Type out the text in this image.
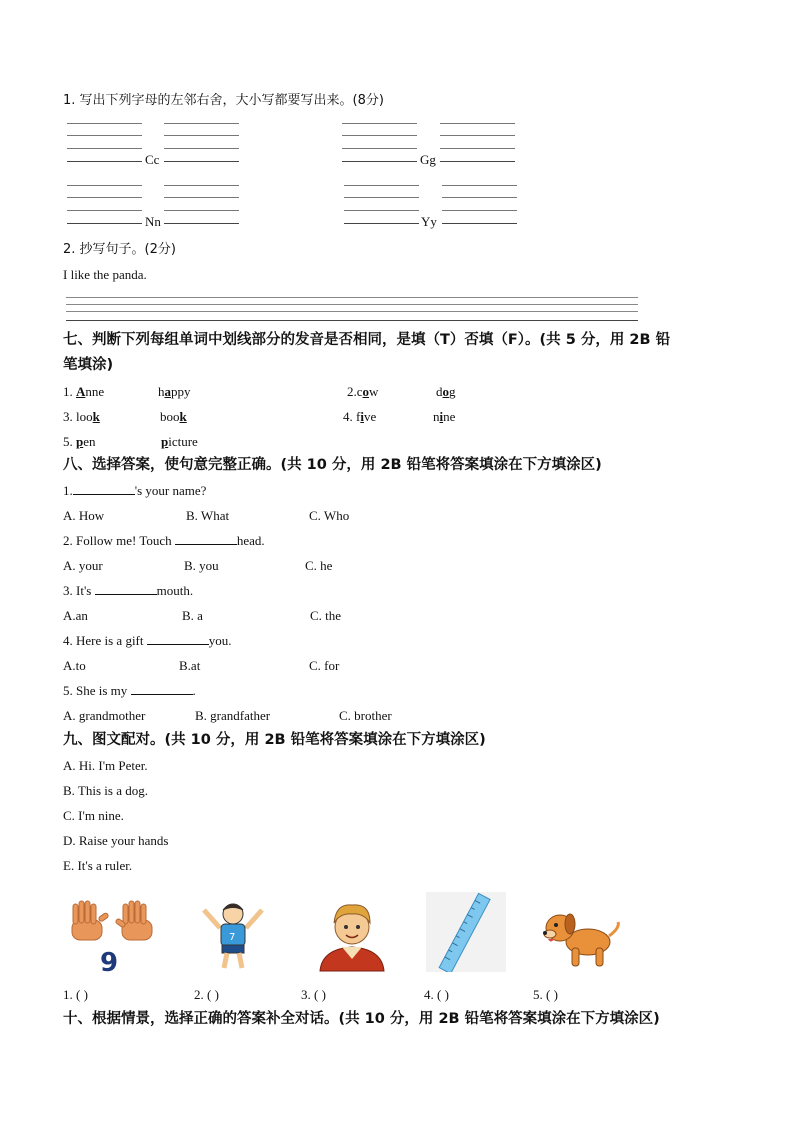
1. 写出下列字母的左邻右舍，大小写都要写出来。(8分)
Cc	Gg
Nn	Yy
2. 抄写句子。(2分)
I like the panda.
七、判断下列每组单词中划线部分的发音是否相同，是填（T）否填（F）。(共 5 分，用 2B 铅
笔填涂)
1. Anne	happy	2.cow	dog
3. look	book	4. five	nine
5. pen	picture
八、选择答案，使句意完整正确。(共 10 分，用 2B 铅笔将答案填涂在下方填涂区)
1.	's your name?
A. How	B. What	C. Who
2. Follow me! Touch	head.
A. your	B. you	C. he
3. It's	mouth.
A.an	B. a	C. the
4. Here is a gift	you.
A.to	B.at	C. for
5. She is my	.
A. grandmother	B. grandfather	C. brother
九、图文配对。(共 10 分，用 2B 铅笔将答案填涂在下方填涂区)
A. Hi. I'm Peter.
B. This is a dog.
C. I'm nine.
D. Raise your hands
E. It's a ruler.
9
7
1. ( )	2. ( )	3. ( )	4. ( )	5. ( )
十、根据情景，选择正确的答案补全对话。(共 10 分，用 2B 铅笔将答案填涂在下方填涂区)
